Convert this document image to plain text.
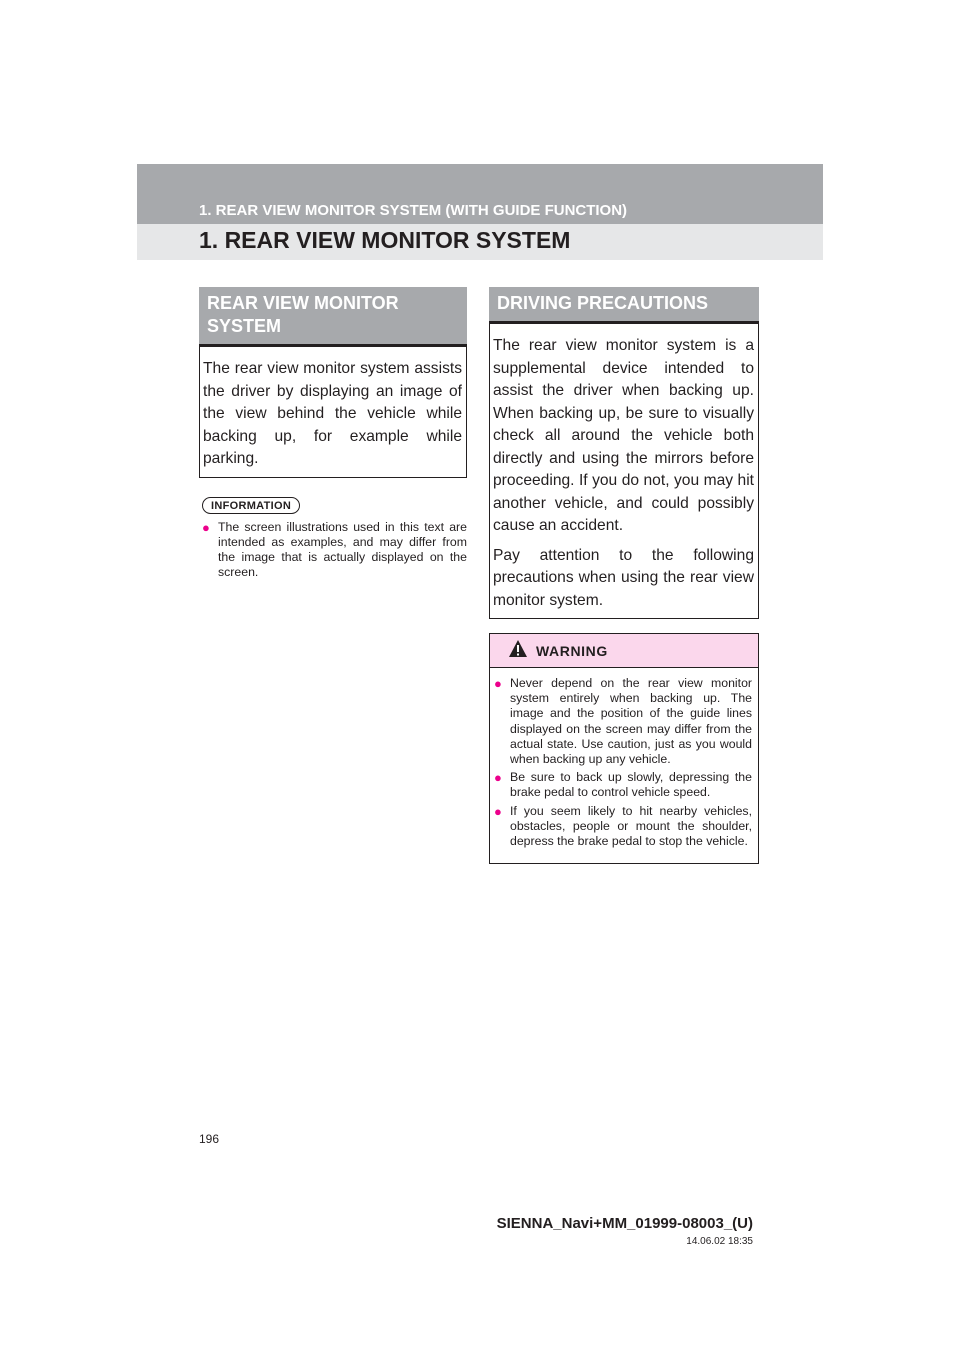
1. REAR VIEW MONITOR SYSTEM (WITH GUIDE FUNCTION)
1. REAR VIEW MONITOR SYSTEM
REAR VIEW MONITOR SYSTEM

The rear view monitor system assists the driver by displaying an image of the view behind the vehicle while backing up, for example while parking.

INFORMATION
● The screen illustrations used in this text are intended as examples, and may differ from the image that is actually displayed on the screen.
DRIVING PRECAUTIONS

The rear view monitor system is a supplemental device intended to assist the driver when backing up. When backing up, be sure to visually check all around the vehicle both directly and using the mirrors before proceeding. If you do not, you may hit another vehicle, and could possibly cause an accident.

Pay attention to the following precautions when using the rear view monitor system.

WARNING
● Never depend on the rear view monitor system entirely when backing up. The image and the position of the guide lines displayed on the screen may differ from the actual state. Use caution, just as you would when backing up any vehicle.
● Be sure to back up slowly, depressing the brake pedal to control vehicle speed.
● If you seem likely to hit nearby vehicles, obstacles, people or mount the shoulder, depress the brake pedal to stop the vehicle.
196
SIENNA_Navi+MM_01999-08003_(U)
14.06.02 18:35
